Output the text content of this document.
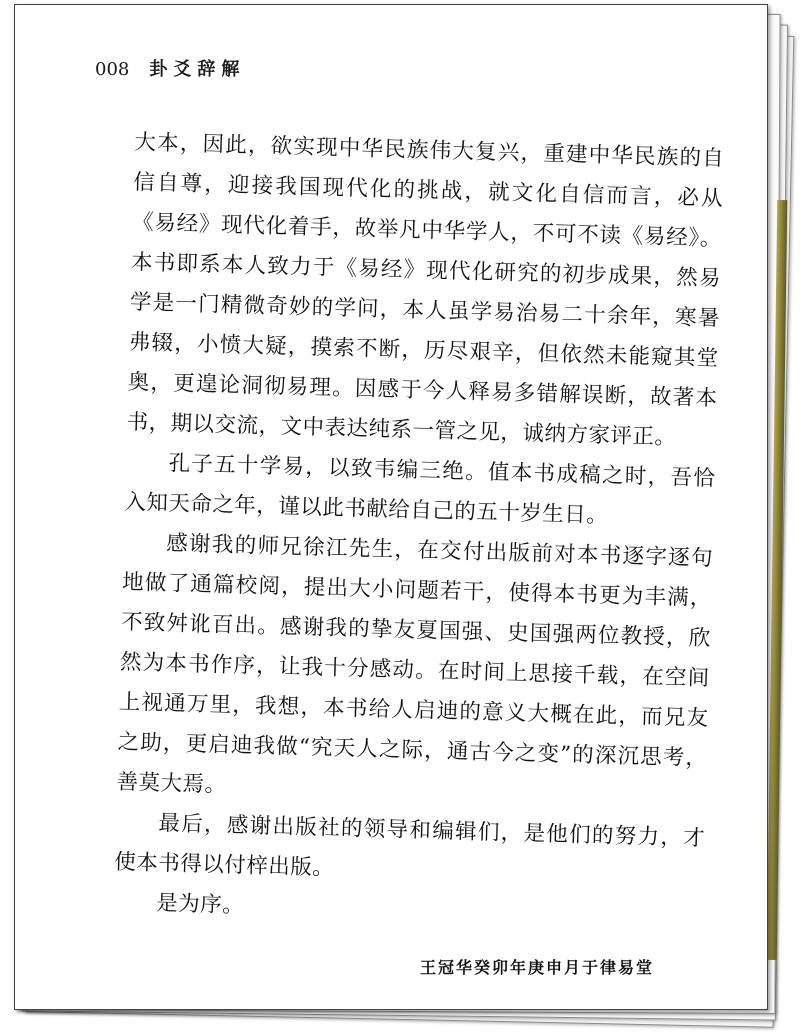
008 卦爻辞解

大本，因此，欲实现中华民族伟大复兴，重建中华民族的自信自尊，迎接我国现代化的挑战，就文化自信而言，必从《易经》现代化着手，故举凡中华学人，不可不读《易经》。本书即系本人致力于《易经》现代化研究的初步成果，然易学是一门精微奇妙的学问，本人虽学易治易二十余年，寒暑弗辍，小愤大疑，摸索不断，历尽艰辛，但依然未能窥其堂奥，更遑论洞彻易理。因感于今人释易多错解误断，故著本书，期以交流，文中表达纯系一管之见，诚纳方家评正。

孔子五十学易，以致韦编三绝。值本书成稿之时，吾恰入知天命之年，谨以此书献给自己的五十岁生日。

感谢我的师兄徐江先生，在交付出版前对本书逐字逐句地做了通篇校阅，提出大小问题若干，使得本书更为丰满，不致舛讹百出。感谢我的挚友夏国强、史国强两位教授，欣然为本书作序，让我十分感动。在时间上思接千载，在空间上视通万里，我想，本书给人启迪的意义大概在此，而兄友之助，更启迪我做“究天人之际，通古今之变”的深沉思考，善莫大焉。

最后，感谢出版社的领导和编辑们，是他们的努力，才使本书得以付梓出版。

是为序。

王冠华癸卯年庚申月于律易堂
